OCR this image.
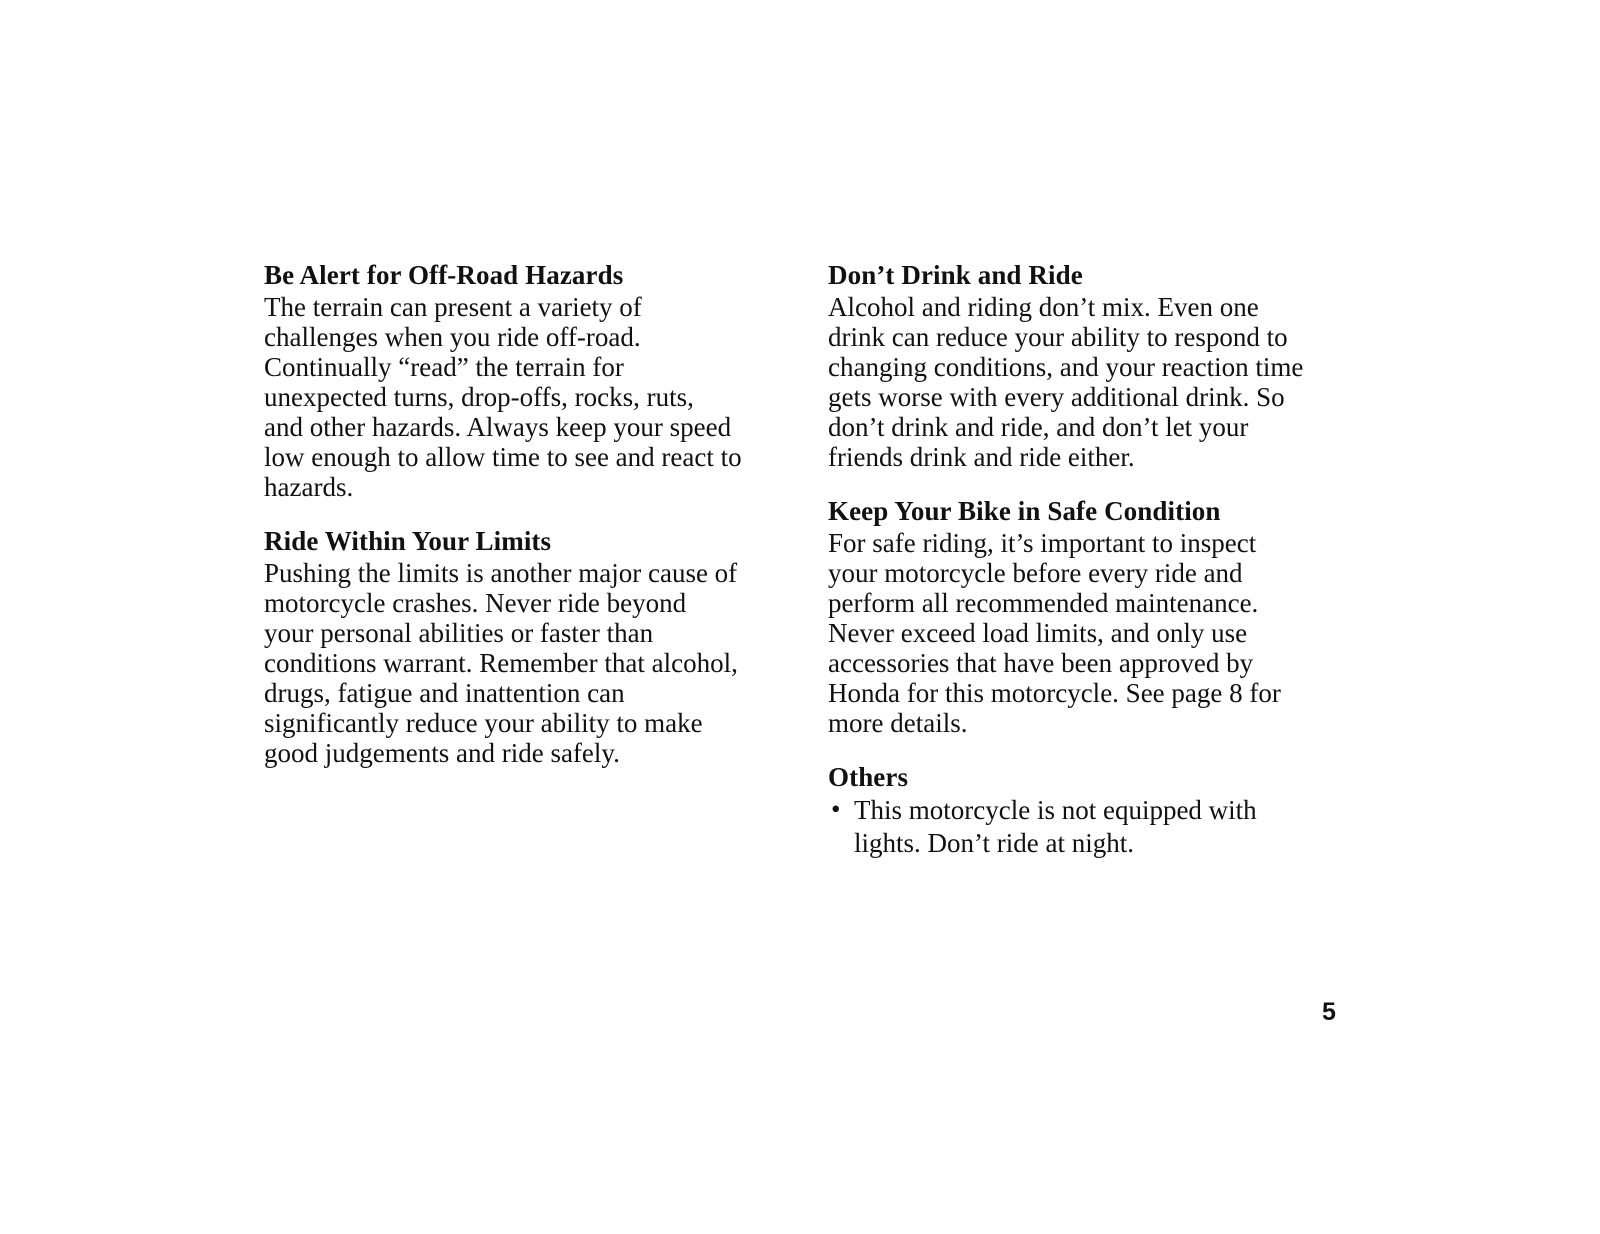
Be Alert for Off-Road Hazards
The terrain can present a variety of
challenges when you ride off-road.
Continually “read” the terrain for
unexpected turns, drop-offs, rocks, ruts,
and other hazards. Always keep your speed
low enough to allow time to see and react to
hazards.
Ride Within Your Limits
Pushing the limits is another major cause of
motorcycle crashes. Never ride beyond
your personal abilities or faster than
conditions warrant. Remember that alcohol,
drugs, fatigue and inattention can
significantly reduce your ability to make
good judgements and ride safely.
Don’t Drink and Ride
Alcohol and riding don’t mix. Even one
drink can reduce your ability to respond to
changing conditions, and your reaction time
gets worse with every additional drink. So
don’t drink and ride, and don’t let your
friends drink and ride either.
Keep Your Bike in Safe Condition
For safe riding, it’s important to inspect
your motorcycle before every ride and
perform all recommended maintenance.
Never exceed load limits, and only use
accessories that have been approved by
Honda for this motorcycle. See page 8 for
more details.
Others
• This motorcycle is not equipped with
lights. Don’t ride at night.
5
